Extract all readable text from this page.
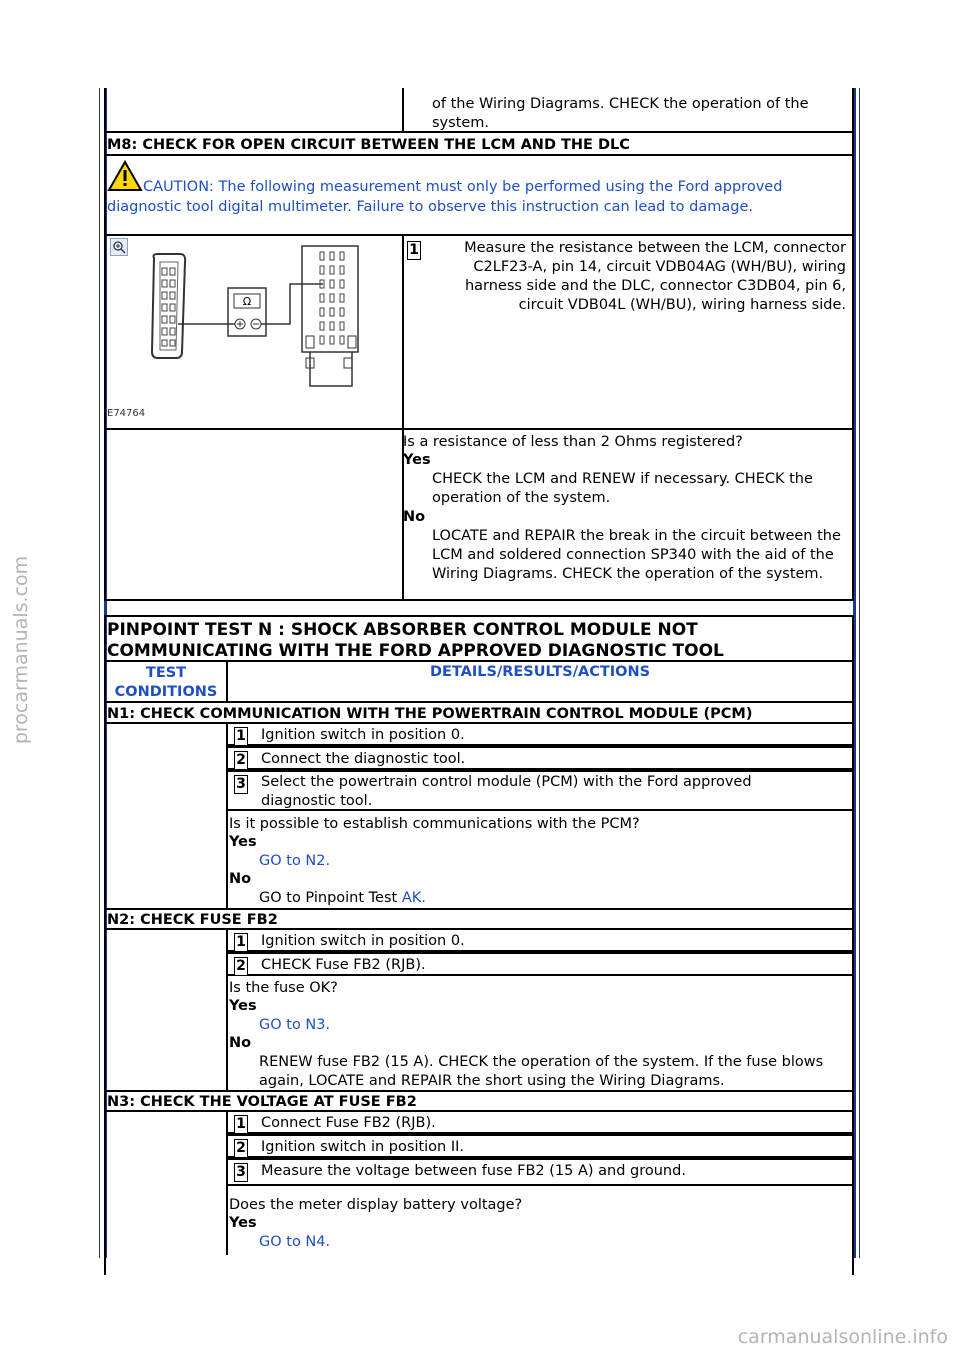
procarmanuals.com
carmanualsonline.info
of the Wiring Diagrams. CHECK the operation of the system.
M8: CHECK FOR OPEN CIRCUIT BETWEEN THE LCM AND THE DLC
CAUTION: The following measurement must only be performed using the Ford approved diagnostic tool digital multimeter. Failure to observe this instruction can lead to damage.
Ω
E74764
1	Measure the resistance between the LCM, connector C2LF23-A, pin 14, circuit VDB04AG (WH/BU), wiring harness side and the DLC, connector C3DB04, pin 6, circuit VDB04L (WH/BU), wiring harness side.
Is a resistance of less than 2 Ohms registered?
Yes
CHECK the LCM and RENEW if necessary. CHECK the operation of the system.
No
LOCATE and REPAIR the break in the circuit between the LCM and soldered connection SP340 with the aid of the Wiring Diagrams. CHECK the operation of the system.
PINPOINT TEST N : SHOCK ABSORBER CONTROL MODULE NOT COMMUNICATING WITH THE FORD APPROVED DIAGNOSTIC TOOL
TEST CONDITIONS
DETAILS/RESULTS/ACTIONS
N1: CHECK COMMUNICATION WITH THE POWERTRAIN CONTROL MODULE (PCM)
1 Ignition switch in position 0.
2 Connect the diagnostic tool.
3 Select the powertrain control module (PCM) with the Ford approved diagnostic tool.
Is it possible to establish communications with the PCM?
Yes
GO to N2.
No
GO to Pinpoint Test AK.
N2: CHECK FUSE FB2
1 Ignition switch in position 0.
2 CHECK Fuse FB2 (RJB).
Is the fuse OK?
Yes
GO to N3.
No
RENEW fuse FB2 (15 A). CHECK the operation of the system. If the fuse blows again, LOCATE and REPAIR the short using the Wiring Diagrams.
N3: CHECK THE VOLTAGE AT FUSE FB2
1 Connect Fuse FB2 (RJB).
2 Ignition switch in position II.
3 Measure the voltage between fuse FB2 (15 A) and ground.
Does the meter display battery voltage?
Yes
GO to N4.
